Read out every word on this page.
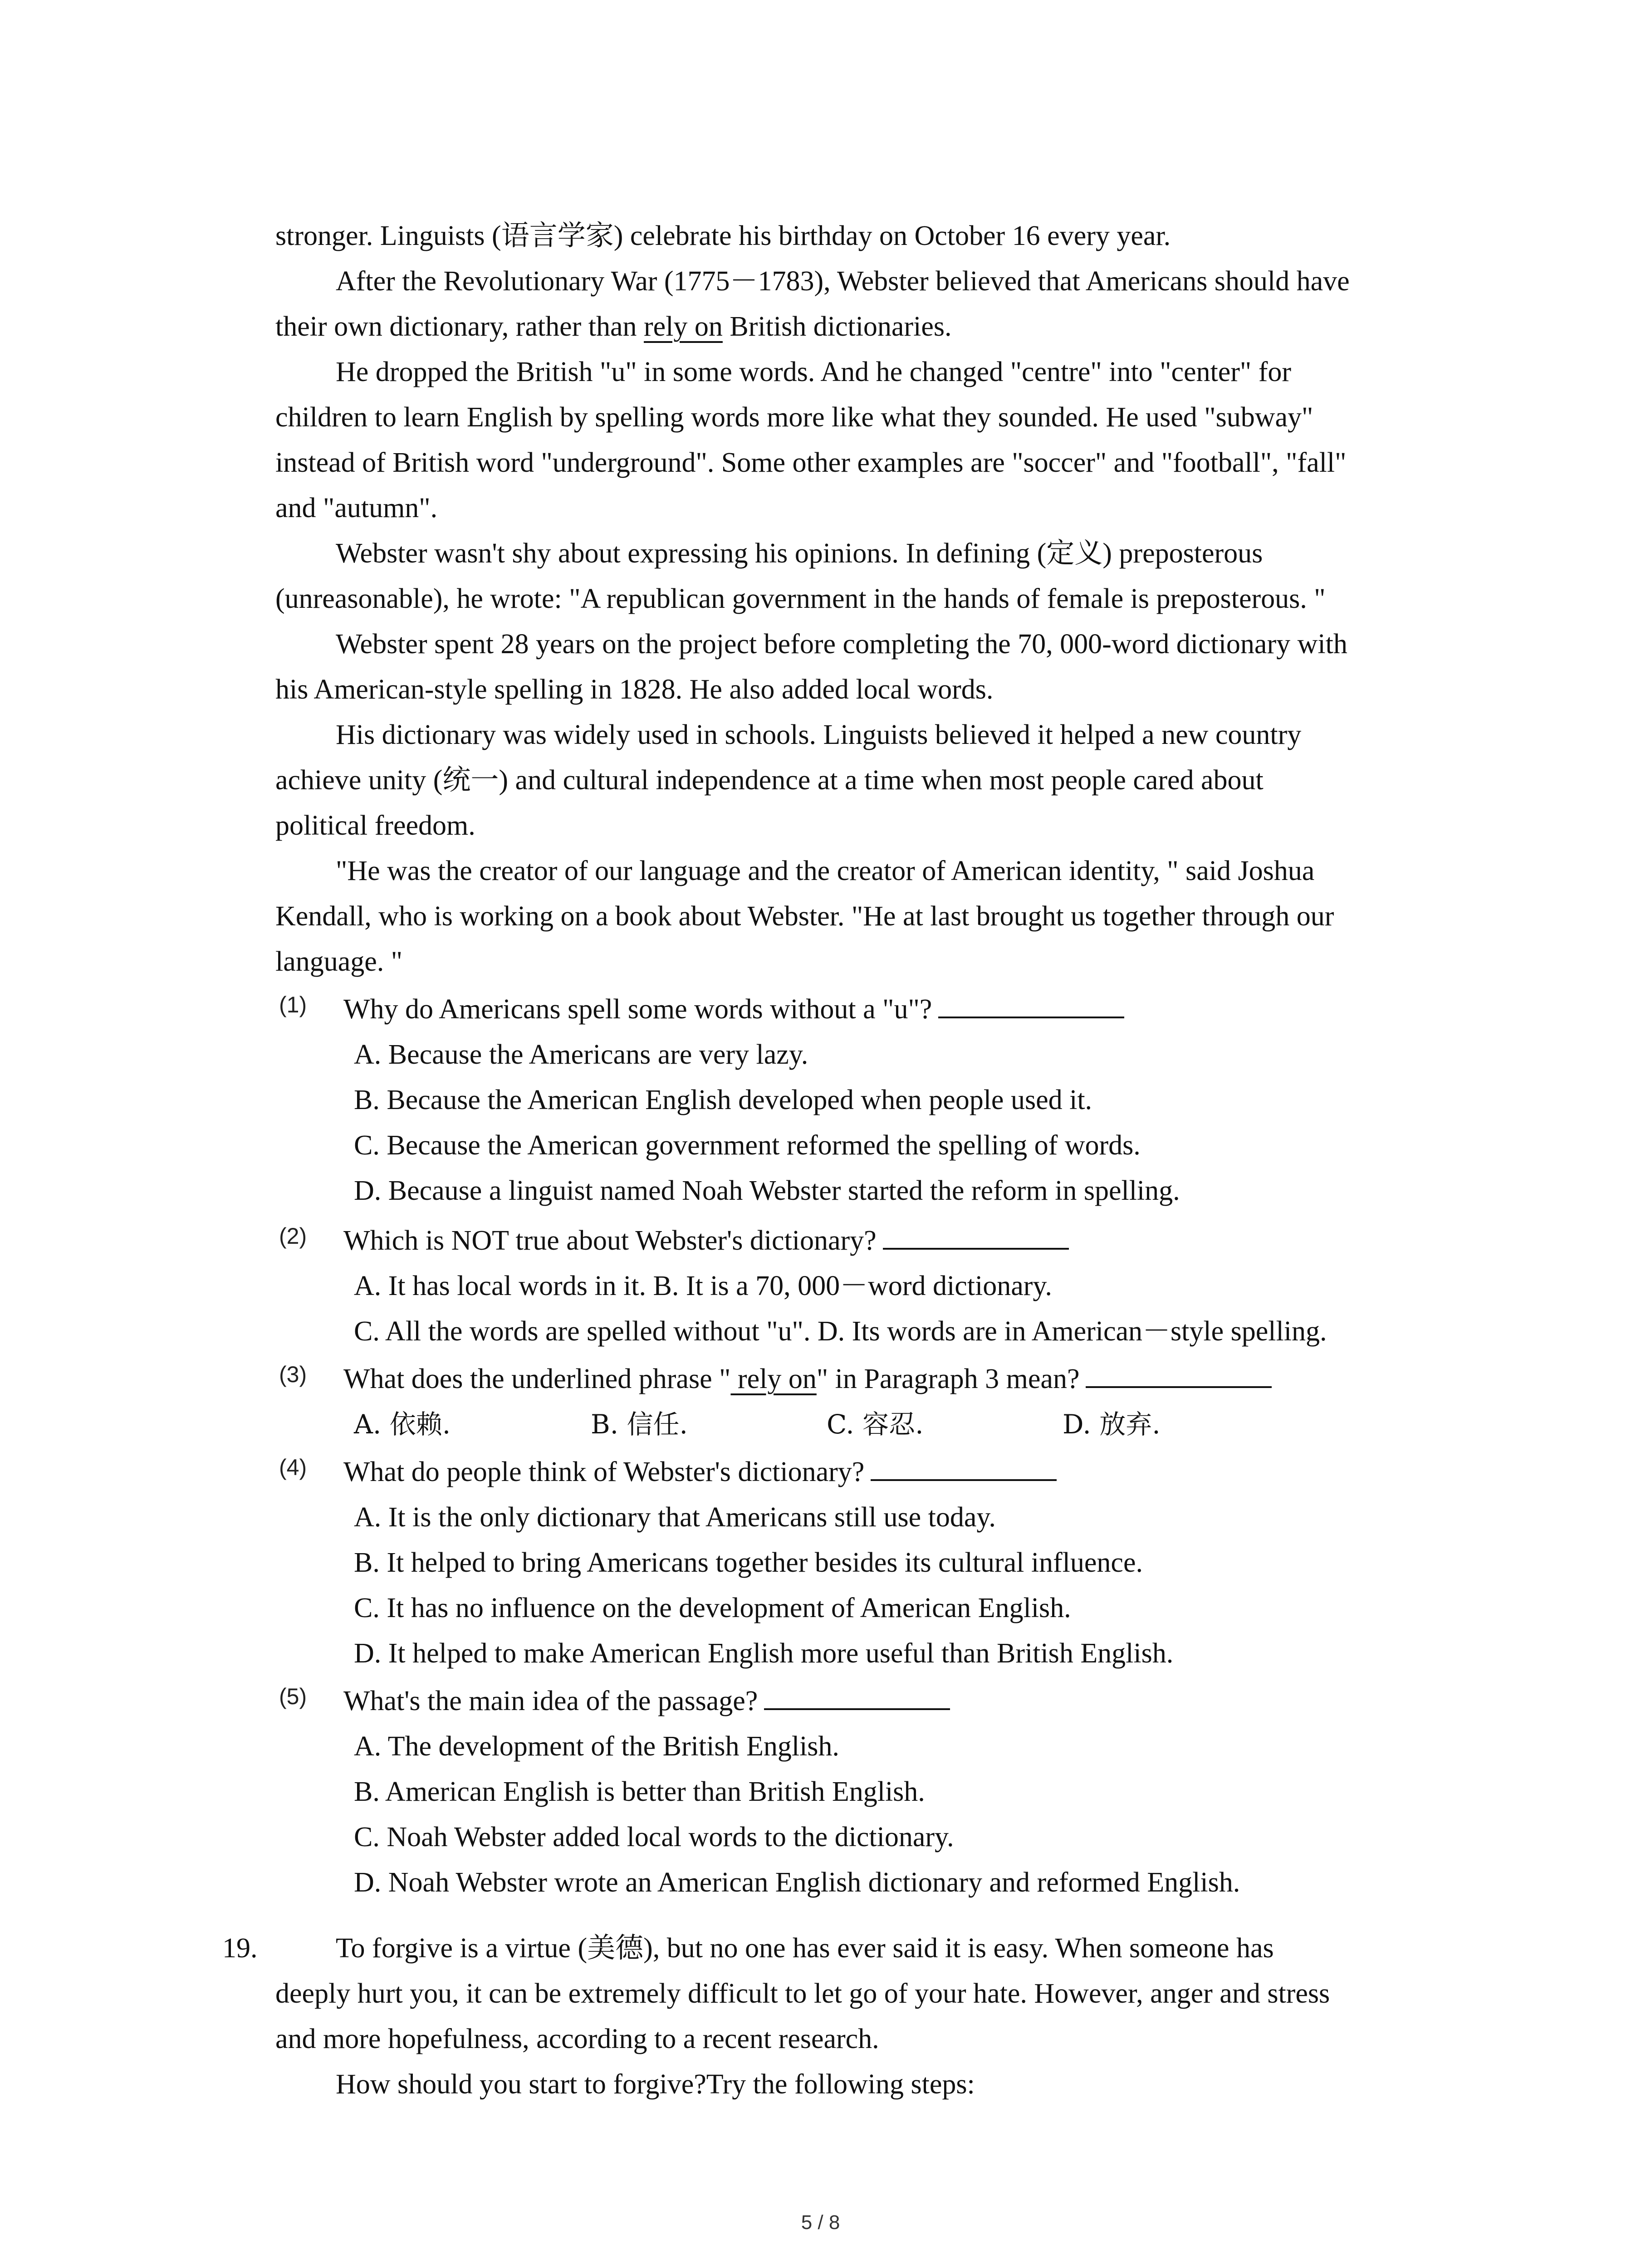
stronger. Linguists (语言学家) celebrate his birthday on October 16 every year.
After the Revolutionary War (1775－1783), Webster believed that Americans should have
their own dictionary, rather than rely on British dictionaries.
He dropped the British "u" in some words. And he changed "centre" into "center" for
children to learn English by spelling words more like what they sounded. He used "subway"
instead of British word "underground". Some other examples are "soccer" and "football", "fall"
and "autumn".
Webster wasn't shy about expressing his opinions. In defining (定义) preposterous
(unreasonable), he wrote: "A republican government in the hands of female is preposterous. "
Webster spent 28 years on the project before completing the 70, 000-word dictionary with
his American-style spelling in 1828. He also added local words.
His dictionary was widely used in schools. Linguists believed it helped a new country
achieve unity (统一) and cultural independence at a time when most people cared about
political freedom.
"He was the creator of our language and the creator of American identity, " said Joshua
Kendall, who is working on a book about Webster. "He at last brought us together through our
language. "
(1) Why do Americans spell some words without a "u"?
A. Because the Americans are very lazy.
B. Because the American English developed when people used it.
C. Because the American government reformed the spelling of words.
D. Because a linguist named Noah Webster started the reform in spelling.
(2) Which is NOT true about Webster's dictionary?
A. It has local words in it. B. It is a 70, 000－word dictionary.
C. All the words are spelled without "u". D. Its words are in American－style spelling.
(3) What does the underlined phrase " rely on" in Paragraph 3 mean?
A. 依赖.	B. 信任.	C. 容忍.	D. 放弃.
(4) What do people think of Webster's dictionary?
A. It is the only dictionary that Americans still use today.
B. It helped to bring Americans together besides its cultural influence.
C. It has no influence on the development of American English.
D. It helped to make American English more useful than British English.
(5) What's the main idea of the passage?
A. The development of the British English.
B. American English is better than British English.
C. Noah Webster added local words to the dictionary.
D. Noah Webster wrote an American English dictionary and reformed English.
19.	To forgive is a virtue (美德), but no one has ever said it is easy. When someone has
deeply hurt you, it can be extremely difficult to let go of your hate. However, anger and stress
and more hopefulness, according to a recent research.
How should you start to forgive?Try the following steps:
5 / 8
